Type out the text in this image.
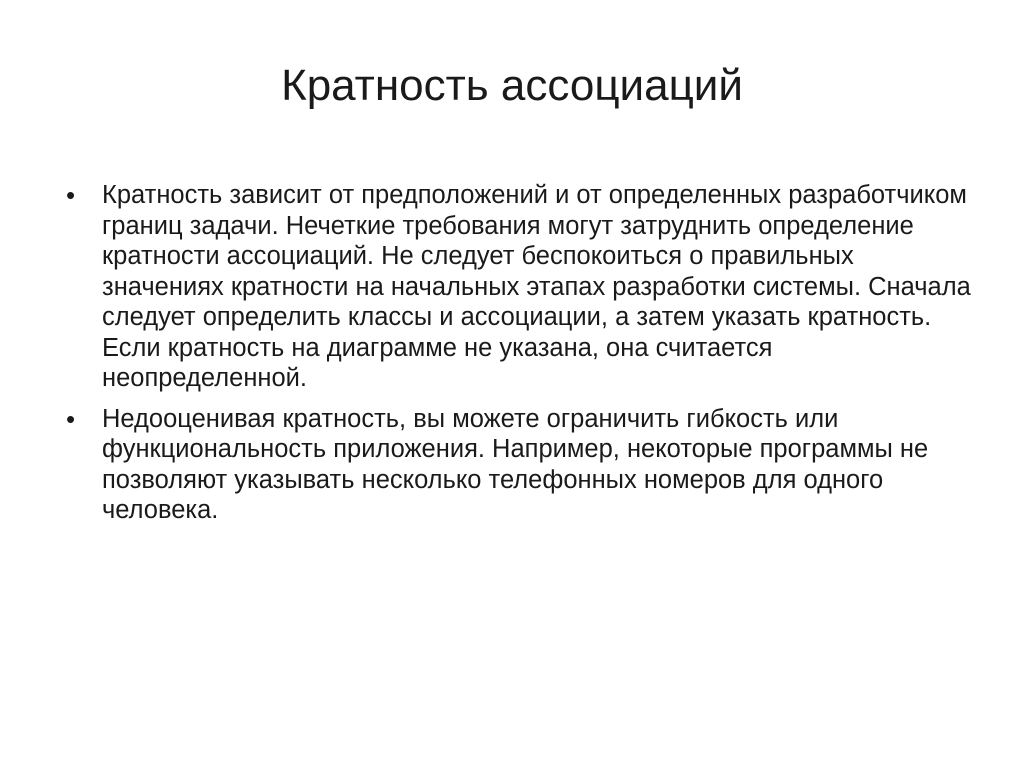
Кратность ассоциаций
•	Кратность зависит от предположений и от определенных разработчиком границ задачи. Нечеткие требования могут затруднить определение кратности ассоциаций. Не следует беспокоиться о правильных значениях кратности на начальных этапах разработки системы. Сначала следует определить классы и ассоциации, а затем указать кратность. Если кратность на диаграмме не указана, она считается неопределенной.
•	Недооценивая кратность, вы можете ограничить гибкость или функциональность приложения. Например, некоторые программы не позволяют указывать несколько телефонных номеров для одного человека.
